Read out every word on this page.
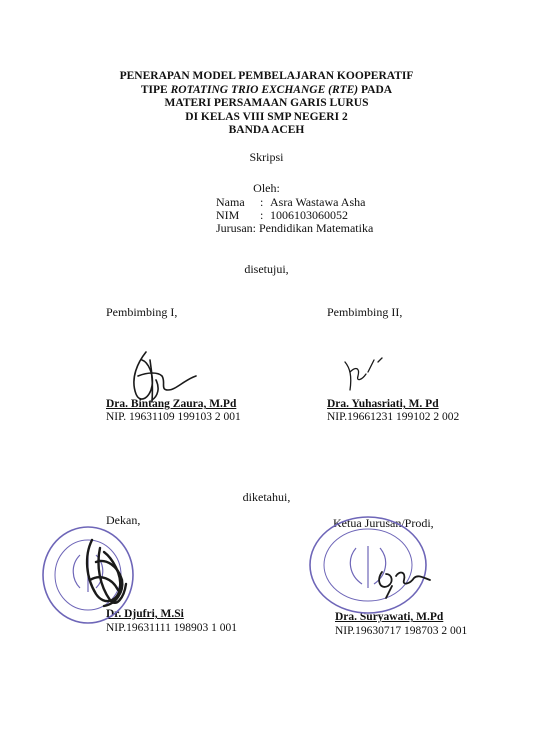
PENERAPAN MODEL PEMBELAJARAN KOOPERATIF
TIPE ROTATING TRIO EXCHANGE (RTE) PADA
MATERI PERSAMAAN GARIS LURUS
DI KELAS VIII SMP NEGERI 2
BANDA ACEH
Skripsi
Oleh:
Nama : Asra Wastawa Asha
NIM : 1006103060052
Jurusan: Pendidikan Matematika
disetujui,
Pembimbing I,	Pembimbing II,
Dra. Bintang Zaura, M.Pd
NIP. 19631109 199103 2 001
Dra. Yuhasriati, M. Pd
NIP.19661231 199102 2 002
diketahui,
Dekan,	Ketua Jurusan/Prodi,
Dr. Djufri, M.Si
NIP.19631111 198903 1 001
Dra. Suryawati, M.Pd
NIP.19630717 198703 2 001
